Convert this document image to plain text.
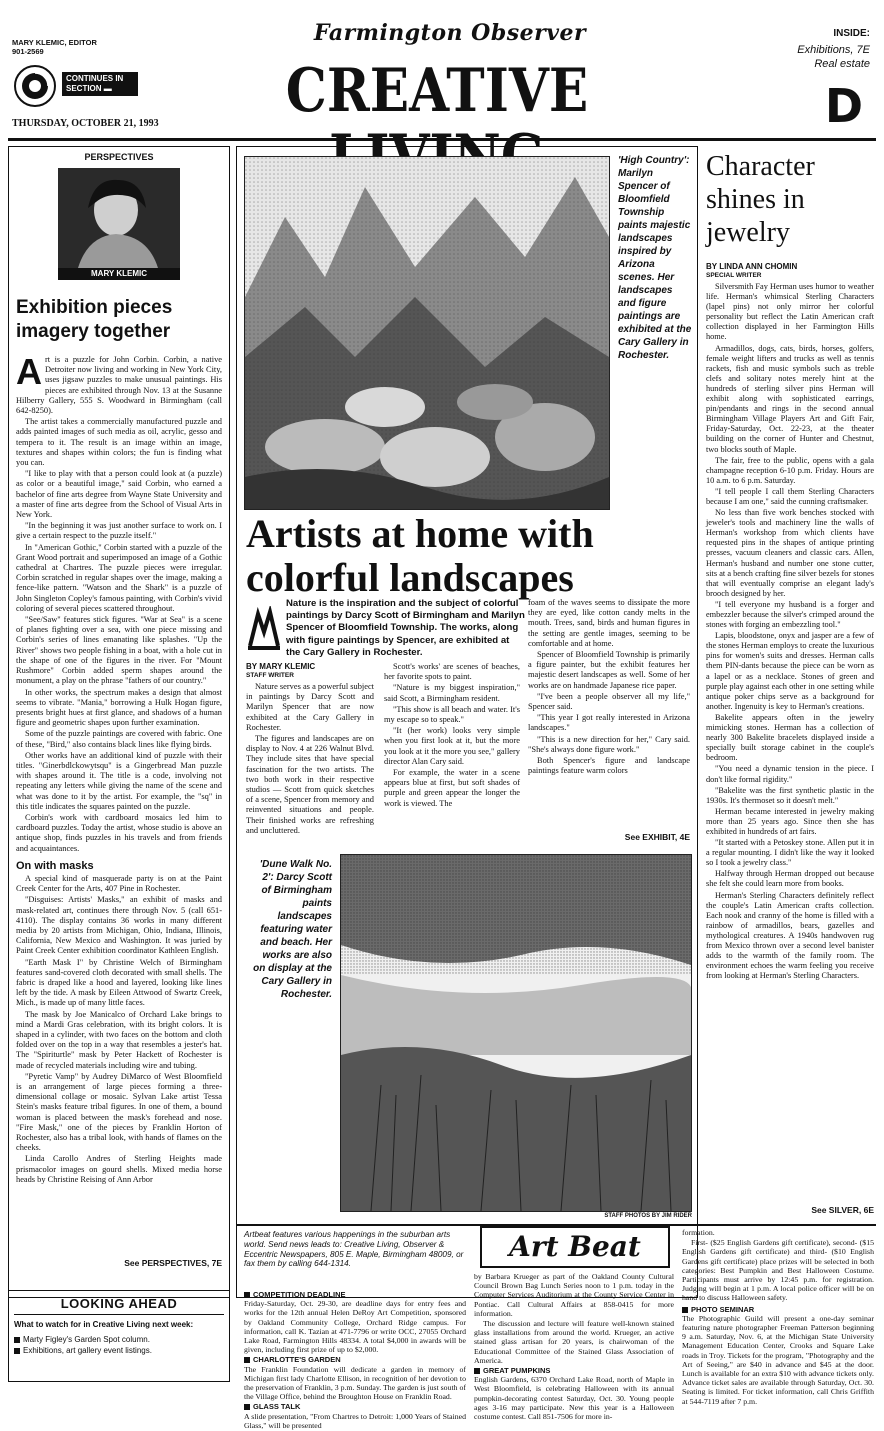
MARY KLEMIC, EDITOR
901-2569
Farmington Observer
CONTINUES IN
SECTION ▬	CREATIVE
THURSDAY, OCTOBER 21, 1993
INSIDE:
Exhibitions, 7E
Real estate
D
PERSPECTIVES
MARY KLEMIC
Exhibition pieces imagery together
A rt is a puzzle for John Corbin. Corbin, a native Detroiter now living and working in New York City, uses jigsaw puzzles to make unusual paintings. His pieces are exhibited through Nov. 13 at the Susanne Hilberry Gallery, 555 S. Woodward in Birmingham (call 642-8250).

The artist takes a commercially manufactured puzzle and adds painted images of such media as oil, acrylic, gesso and tempera to it. The result is an image within an image, textures and shapes within colors; the fun is finding what you can.

"I like to play with that a person could look at (a puzzle) as color or a beautiful image," said Corbin, who earned a bachelor of fine arts degree from Wayne State University and a master of fine arts degree from the School of Visual Arts in New York.

"In the beginning it was just another surface to work on. I give a certain respect to the puzzle itself."

In "American Gothic," Corbin started with a puzzle of the Grant Wood portrait and superimposed an image of a Gothic cathedral at Chartres. The puzzle pieces were irregular. Corbin scratched in regular shapes over the image, making a fence-like pattern. "Watson and the Shark" is a puzzle of John Singleton Copley's famous painting, with Corbin's vivid coloring of several pieces scattered throughout.

"See/Saw" features stick figures. "War at Sea" is a scene of planes fighting over a sea, with one piece missing and Corbin's series of lines emanating like splashes. "Up the River" shows two people fishing in a boat, with a hole cut in the shape of one of the figures in the river. For "Mount Rushmore" Corbin added sperm shapes around the monument, a play on the phrase "fathers of our country."

In other works, the spectrum makes a design that almost seems to vibrate. "Mania," borrowing a Hulk Hogan figure, presents bright hues at first glance, and shadows of a human figure and geometric shapes upon further examination.

Some of the puzzle paintings are covered with fabric. One of these, "Bird," also contains black lines like flying birds.

Other works have an additional kind of puzzle with their titles. "Ginerbdlckowytsqu" is a Gingerbread Man puzzle with shapes around it. The title is a code, involving not repeating any letters while giving the name of the scene and what was done to it by the artist. For example, the "sq" in this title indicates the squares painted on the puzzle.

Corbin's work with cardboard mosaics led him to cardboard puzzles. Today the artist, whose studio is above an antique shop, finds puzzles in his travels and from friends and acquaintances.

On with masks

A special kind of masquerade party is on at the Paint Creek Center for the Arts, 407 Pine in Rochester.

"Disguises: Artists' Masks," an exhibit of masks and mask-related art, continues there through Nov. 5 (call 651-4110). The display contains 36 works in many different media by 20 artists from Michigan, Ohio, Indiana, Illinois, California, New Mexico and Washington. It was juried by Paint Creek Center exhibition coordinator Kathleen English.

"Earth Mask I" by Christine Welch of Birmingham features sand-covered cloth decorated with small shells. The fabric is draped like a hood and layered, looking like lines left by the tide. A mask by Eileen Attwood of Swartz Creek, Mich., is made up of many little faces.

The mask by Joe Manicalco of Orchard Lake brings to mind a Mardi Gras celebration, with its bright colors. It is shaped in a cylinder, with two faces on the bottom and cloth folded over on the top in a way that resembles a jester's hat. The "Spiriturtle" mask by Peter Hackett of Rochester is made of recycled materials including wire and tubing.

"Pyretic Vamp" by Audrey DiMarco of West Bloomfield is an arrangement of large pieces forming a three-dimensional collage or mosaic. Sylvan Lake artist Tessa Stein's masks feature tribal figures. In one of them, a bound woman is placed between the mask's forehead and nose. "Fire Mask," one of the pieces by Franklin Horton of Rochester, also has a tribal look, with hands of flames on the cheeks.

Linda Carollo Andres of Sterling Heights made prismacolor images on gourd shells. Mixed media horse heads by Christine Reising of Ann Arbor

See PERSPECTIVES, 7E
LOOKING AHEAD
What to watch for in Creative Living next week:
Marty Figley's Garden Spot column.
Exhibitions, art gallery event listings.
'High Country': Marilyn Spencer of Bloomfield Township paints majestic landscapes inspired by Arizona scenes. Her landscapes and figure paintings are exhibited at the Cary Gallery in Rochester.
Artists at home with colorful landscapes
Nature is the inspiration and the subject of colorful paintings by Darcy Scott of Birmingham and Marilyn Spencer of Bloomfield Township. The works, along with figure paintings by Spencer, are exhibited at the Cary Gallery in Rochester.
BY MARY KLEMIC
STAFF WRITER

Nature serves as a powerful subject in paintings by Darcy Scott and Marilyn Spencer that are now exhibited at the Cary Gallery in Rochester.

The figures and landscapes are on display to Nov. 4 at 226 Walnut Blvd. They include sites that have special fascination for the two artists. The two both work in their respective studios — Scott from quick sketches of a scene, Spencer from memory and reinvented situations and people. Their finished works are refreshing and uncluttered.

Scott's works' are scenes of beaches, her favorite spots to paint.

"Nature is my biggest inspiration," said Scott, a Birmingham resident.

"This show is all beach and water. It's my escape so to speak."

"It (her work) looks very simple when you first look at it, but the more you look at it the more you see," gallery director Alan Cary said.

For example, the water in a scene appears blue at first, but soft shades of purple and green appear the longer the work is viewed. The

foam of the waves seems to dissipate the more they are eyed, like cotton candy melts in the mouth. Trees, sand, birds and human figures in the setting are gentle images, seeming to be comfortable and at home.

Spencer of Bloomfield Township is primarily a figure painter, but the exhibit features her majestic desert landscapes as well. Some of her works are on handmade Japanese rice paper.

"I've been a people observer all my life," Spencer said.

"This year I got really interested in Arizona landscapes."

"This is a new direction for her," Cary said. "She's always done figure work."

Both Spencer's figure and landscape paintings feature warm colors

See EXHIBIT, 4E
'Dune Walk No. 2': Darcy Scott of Birmingham paints landscapes featuring water and beach. Her works are also on display at the Cary Gallery in Rochester.
STAFF PHOTOS BY JIM RIDER
Character shines in jewelry
BY LINDA ANN CHOMIN
SPECIAL WRITER

Silversmith Fay Herman uses humor to weather life. Herman's whimsical Sterling Characters (lapel pins) not only mirror her colorful personality but reflect the Latin American craft collection displayed in her Farmington Hills home.

Armadillos, dogs, cats, birds, horses, golfers, female weight lifters and trucks as well as tennis rackets, fish and music symbols such as treble clefs and solitary notes merely hint at the hundreds of sterling silver pins Herman will exhibit along with sophisticated earrings, pin/pendants and rings in the second annual Birmingham Village Players Art and Gift Fair, Friday-Saturday, Oct. 22-23, at the theater building on the corner of Hunter and Chestnut, two blocks south of Maple.

The fair, free to the public, opens with a gala champagne reception 6-10 p.m. Friday. Hours are 10 a.m. to 6 p.m. Saturday.

"I tell people I call them Sterling Characters because I am one," said the cunning craftsmaker.

No less than five work benches stocked with jeweler's tools and machinery line the walls of Herman's workshop from which clients have requested pins in the shapes of antique printing presses, vacuum cleaners and classic cars. Allen, Herman's husband and number one stone cutter, sits at a bench crafting fine silver bezels for stones that will eventually comprise an elegant lady's brooch designed by her.

"I tell everyone my husband is a forger and embezzler because the silver's crimped around the stones with forging an embezzling tool."

Lapis, bloodstone, onyx and jasper are a few of the stones Herman employs to create the luxurious pins for women's suits and dresses. Herman calls them PIN-dants because the piece can be worn as a lapel or as a necklace. Stones of green and purple play against each other in one setting while antique poker chips serve as a background for another. Ingenuity is key to Herman's creations.

Bakelite appears often in the jewelry mimicking stones. Herman has a collection of nearly 300 Bakelite bracelets displayed inside a specially built storage cabinet in the couple's bedroom.

"You need a dynamic tension in the piece. I don't like formal rigidity."

"Bakelite was the first synthetic plastic in the 1930s. It's thermoset so it doesn't melt."

Herman became interested in jewelry making more than 25 years ago. Since then she has exhibited in hundreds of art fairs.

"It started with a Petoskey stone. Allen put it in a regular mounting. I didn't like the way it looked so I took a jewelry class."

Halfway through Herman dropped out because she felt she could learn more from books.

Herman's Sterling Characters definitely reflect the couple's Latin American crafts collection. Each nook and cranny of the home is filled with a rainbow of armadillos, bears, gazelles and mythological creatures. A 1940s handwoven rug from Mexico thrown over a second level banister adds to the warmth of the family room. The environment echoes the warm feeling you receive from looking at Herman's Sterling Characters.

See SILVER, 6E
Artbeat features various happenings in the suburban arts world. Send news leads to: Creative Living, Observer & Eccentric Newspapers, 805 E. Maple, Birmingham 48009, or fax them by calling 644-1314.
COMPETITION DEADLINE

Friday-Saturday, Oct. 29-30, are deadline days for entry fees and works for the 12th annual Helen DeRoy Art Competition, sponsored by Oakland Community College, Orchard Ridge campus. For information, call K. Tazian at 471-7796 or write OCC, 27055 Orchard Lake Road, Farmington Hills 48334. A total $4,000 in awards will be given, including first prize of up to $2,000.

CHARLOTTE'S GARDEN

The Franklin Foundation will dedicate a garden in memory of Michigan first lady Charlotte Ellison, in recognition of her devotion to the preservation of Franklin, 3 p.m. Sunday. The garden is just south of the Village Office, behind the Broughton House on Franklin Road.

GLASS TALK

A slide presentation, "From Chartres to Detroit: 1,000 Years of Stained Glass," will be presented

Art Beat

by Barbara Krueger as part of the Oakland County Cultural Council Brown Bag Lunch Series noon to 1 p.m. today in the Computer Services Auditorium at the County Service Center in Pontiac. Call Cultural Affairs at 858-0415 for more information.

The discussion and lecture will feature well-known stained glass installations from around the world. Krueger, an active stained glass artisan for 20 years, is chairwoman of the Educational Committee of the Stained Glass Association of America.

GREAT PUMPKINS

English Gardens, 6370 Orchard Lake Road, north of Maple in West Bloomfield, is celebrating Halloween with its annual pumpkin-decorating contest Saturday, Oct. 30. Young people ages 3-16 may participate. New this year is a Halloween costume contest. Call 851-7506 for more in-

formation.

First- ($25 English Gardens gift certificate), second- ($15 English Gardens gift certificate) and third- ($10 English Gardens gift certificate) place prizes will be selected in both categories: Best Pumpkin and Best Halloween Costume. Participants must arrive by 12:45 p.m. for registration. Judging will begin at 1 p.m. A local police officer will be on hand to discuss Halloween safety.

PHOTO SEMINAR

The Photographic Guild will present a one-day seminar featuring nature photographer Freeman Patterson beginning 9 a.m. Saturday, Nov. 6, at the Michigan State University Management Education Center, Crooks and Square Lake roads in Troy. Tickets for the program, "Photography and the Art of Seeing," are $40 in advance and $45 at the door. Lunch is available for an extra $10 with advance tickets only. Advance ticket sales are available through Saturday, Oct. 30. Seating is limited. For ticket information, call Chris Griffith at 544-7119 after 7 p.m.
